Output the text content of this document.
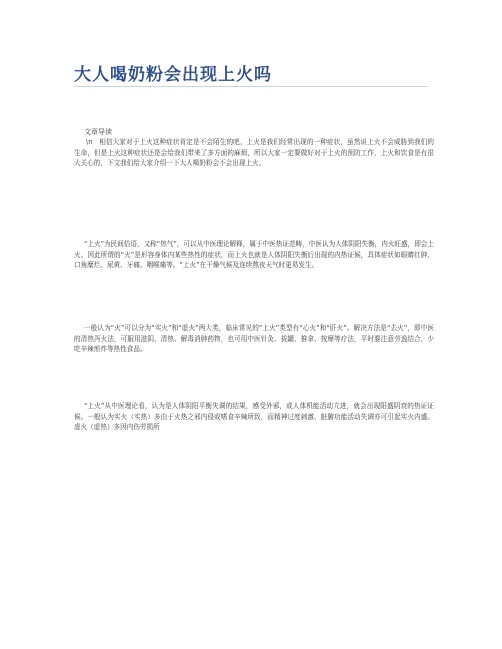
大人喝奶粉会出现上火吗
文章导读
\n　相信大家对于上火这种症状肯定是不会陌生的吧，上火是我们经常出现的一种症状，虽然说上火不会威胁到我们的生命，但是上火这种症状还是会给我们带来了多方面的麻烦，所以大家一定要做好对于上火的预防工作，上火和饮食是有很大关心的，下文我们给大家介绍一下大人喝奶粉会不会出现上火。
“上火”为民间俗语，又称“热气”，可以从中医理论解释，属于中医热证范畴，中医认为人体阴阳失衡，内火旺盛，即会上火。因此所谓的“火”是形容身体内某些热性的症状，而上火也就是人体阴阳失衡后出现的内热证候，具体症状如眼睛红肿、口角糜烂、尿黄、牙痛、咽喉痛等。“上火”在干燥气候及连续熬夜天气时更易发生。
一般认为“火”可以分为“实火”和“虚火”两大类，临床常见的“上火”类型有“心火”和“肝火”。解决方法是“去火”，即中医的清热泻火法，可服用滋阴、清热、解毒消肿药物，也可用中医针灸、拔罐、推拿、按摩等疗法，平时要注意劳逸结合，少吃辛辣煎炸等热性食品。
“上火”从中医理论看，认为是人体阴阳平衡失调的结果，感受外邪，或人体机能活动亢进，就会出现阳盛阴衰的热证证候。一般认为实火（实热）多由于火热之邪内侵或嗜食辛辣所致，而精神过度刺激、脏腑功能活动失调亦可引起实火内盛。虚火（虚热）多因内伤劳损所
